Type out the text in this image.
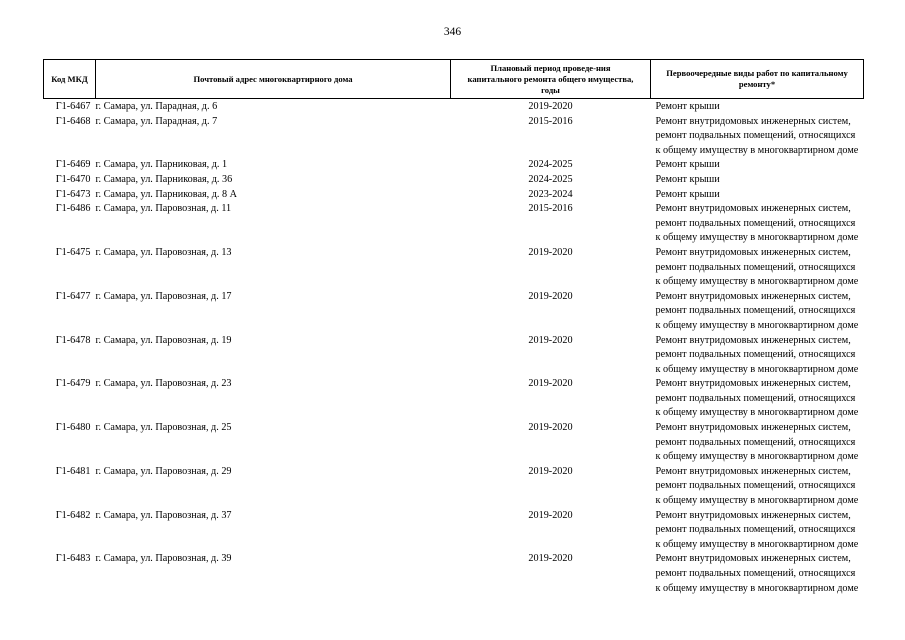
346
Код МКД	Почтовый адрес многоквартирного дома	Плановый период проведе-ния капитального ремонта общего имущества, годы	Первоочередные виды работ по капитальному ремонту*
Г1-6467	г. Самара, ул. Парадная, д. 6	2019-2020	Ремонт крыши
Г1-6468	г. Самара, ул. Парадная, д. 7	2015-2016	Ремонт внутридомовых инженерных систем, ремонт подвальных помещений, относящихся к общему имуществу в многоквартирном доме
Г1-6469	г. Самара, ул. Парниковая, д. 1	2024-2025	Ремонт крыши
Г1-6470	г. Самара, ул. Парниковая, д. 36	2024-2025	Ремонт крыши
Г1-6473	г. Самара, ул. Парниковая, д. 8 А	2023-2024	Ремонт крыши
Г1-6486	г. Самара, ул. Паровозная, д. 11	2015-2016	Ремонт внутридомовых инженерных систем, ремонт подвальных помещений, относящихся к общему имуществу в многоквартирном доме
Г1-6475	г. Самара, ул. Паровозная, д. 13	2019-2020	Ремонт внутридомовых инженерных систем, ремонт подвальных помещений, относящихся к общему имуществу в многоквартирном доме
Г1-6477	г. Самара, ул. Паровозная, д. 17	2019-2020	Ремонт внутридомовых инженерных систем, ремонт подвальных помещений, относящихся к общему имуществу в многоквартирном доме
Г1-6478	г. Самара, ул. Паровозная, д. 19	2019-2020	Ремонт внутридомовых инженерных систем, ремонт подвальных помещений, относящихся к общему имуществу в многоквартирном доме
Г1-6479	г. Самара, ул. Паровозная, д. 23	2019-2020	Ремонт внутридомовых инженерных систем, ремонт подвальных помещений, относящихся к общему имуществу в многоквартирном доме
Г1-6480	г. Самара, ул. Паровозная, д. 25	2019-2020	Ремонт внутридомовых инженерных систем, ремонт подвальных помещений, относящихся к общему имуществу в многоквартирном доме
Г1-6481	г. Самара, ул. Паровозная, д. 29	2019-2020	Ремонт внутридомовых инженерных систем, ремонт подвальных помещений, относящихся к общему имуществу в многоквартирном доме
Г1-6482	г. Самара, ул. Паровозная, д. 37	2019-2020	Ремонт внутридомовых инженерных систем, ремонт подвальных помещений, относящихся к общему имуществу в многоквартирном доме
Г1-6483	г. Самара, ул. Паровозная, д. 39	2019-2020	Ремонт внутридомовых инженерных систем, ремонт подвальных помещений, относящихся к общему имуществу в многоквартирном доме
